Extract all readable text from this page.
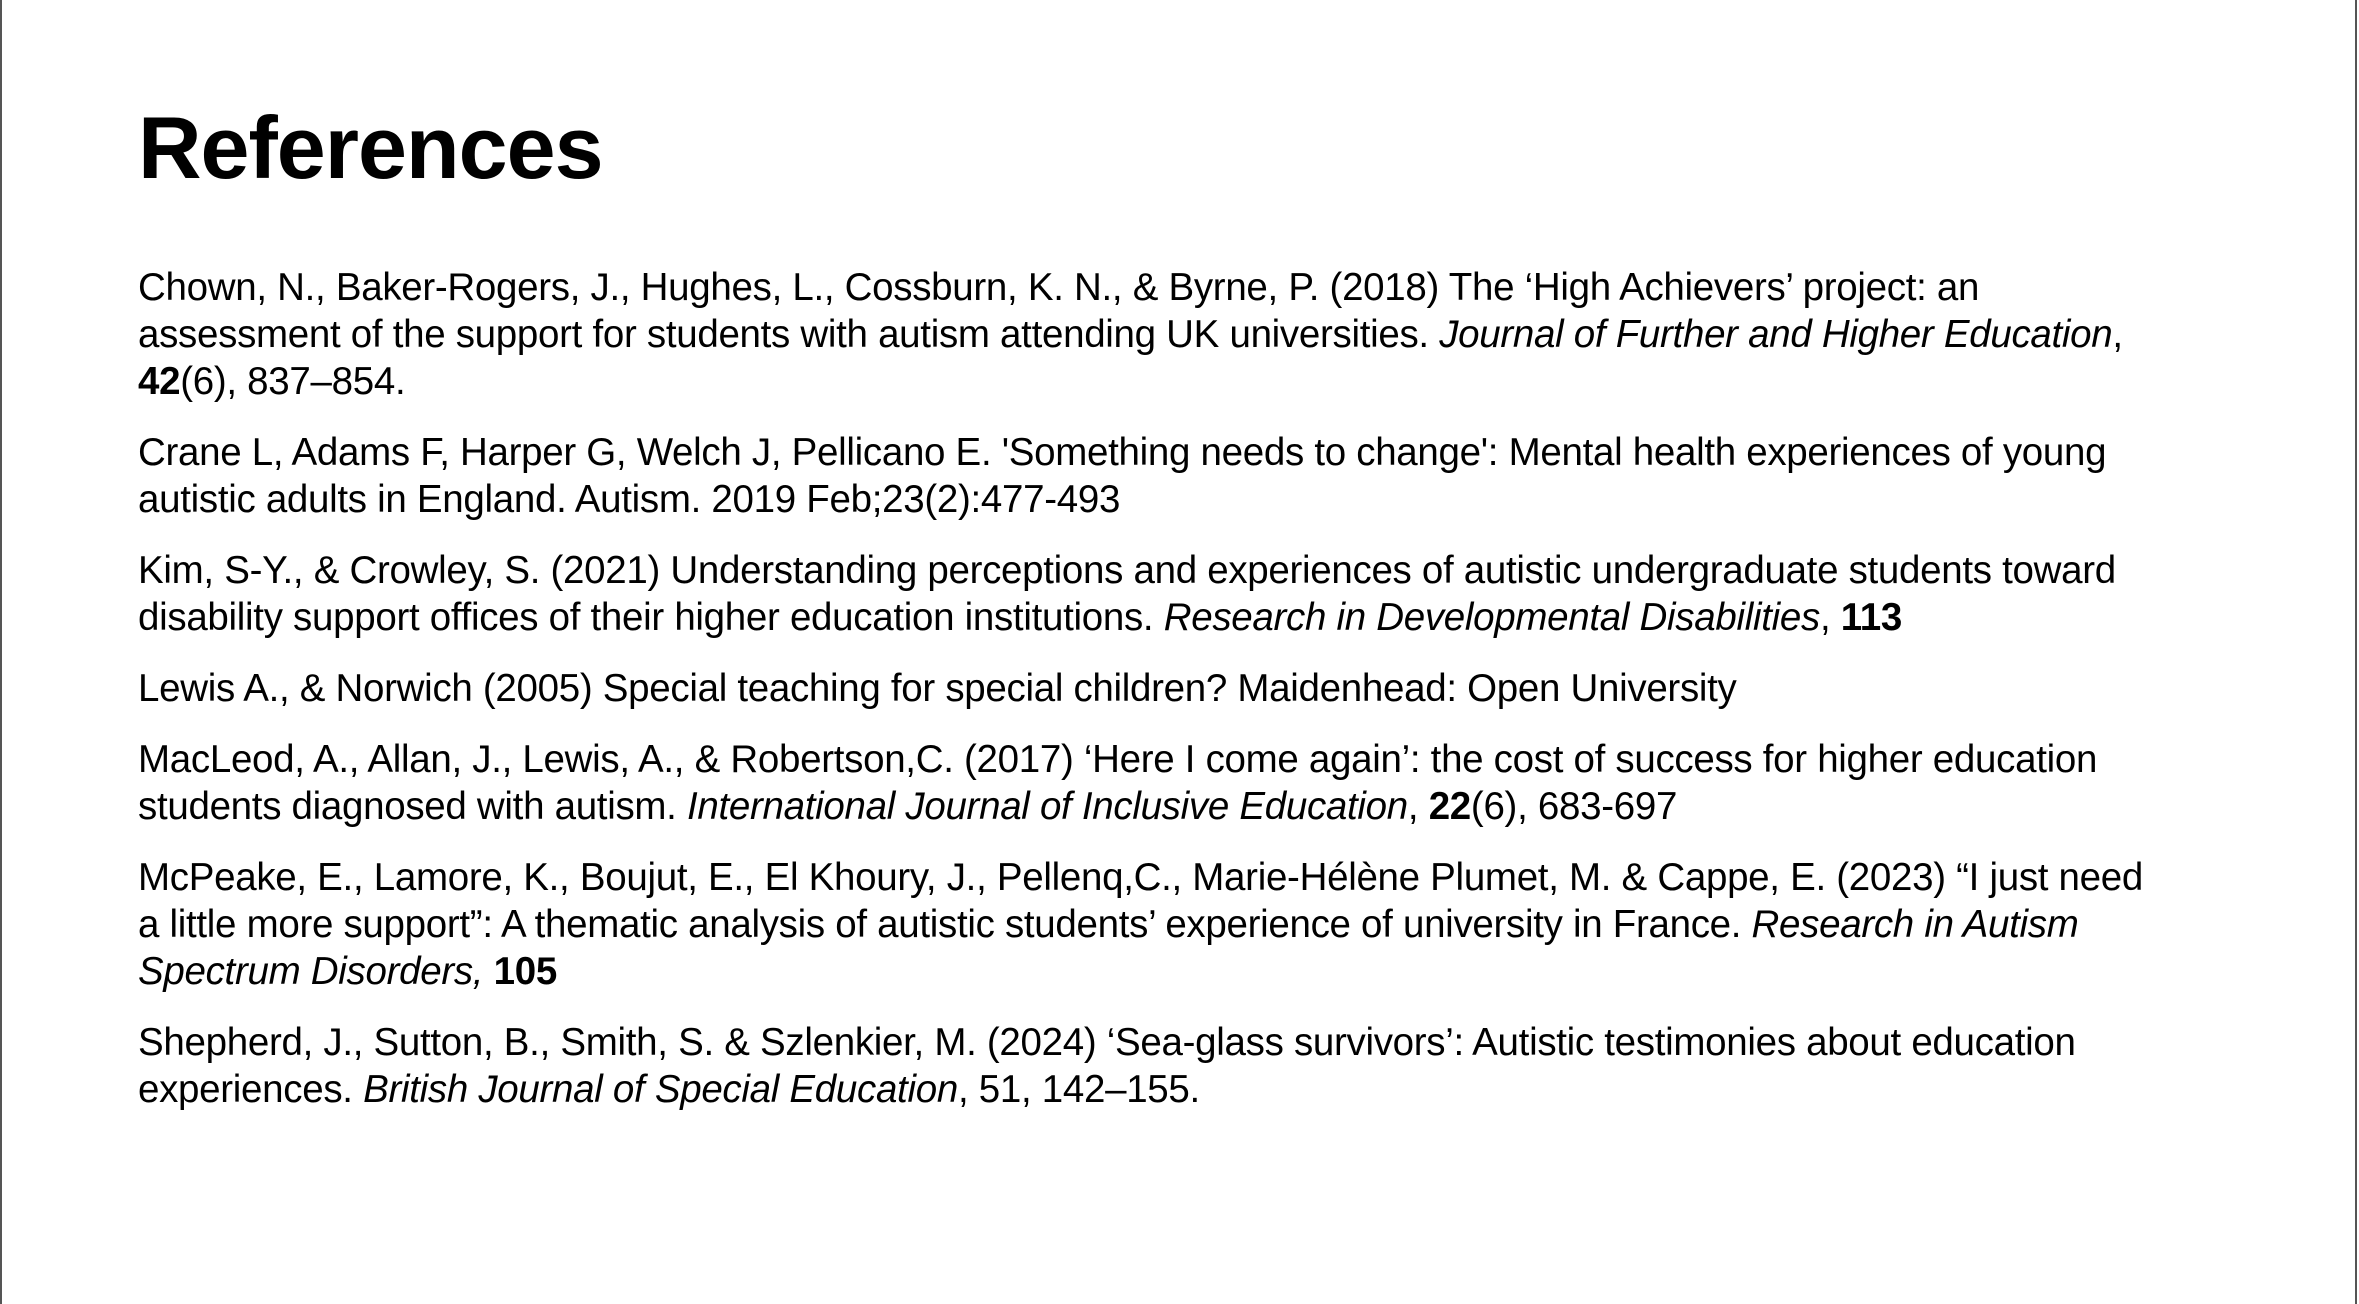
References

Chown, N., Baker-Rogers, J., Hughes, L., Cossburn, K. N., & Byrne, P. (2018) The ‘High Achievers’ project: an assessment of the support for students with autism attending UK universities. Journal of Further and Higher Education, 42(6), 837–854.

Crane L, Adams F, Harper G, Welch J, Pellicano E. 'Something needs to change': Mental health experiences of young autistic adults in England. Autism. 2019 Feb;23(2):477-493

Kim, S-Y., & Crowley, S. (2021) Understanding perceptions and experiences of autistic undergraduate students toward disability support offices of their higher education institutions. Research in Developmental Disabilities, 113

Lewis A., & Norwich (2005) Special teaching for special children? Maidenhead: Open University

MacLeod, A., Allan, J., Lewis, A., & Robertson,C. (2017) ‘Here I come again’: the cost of success for higher education students diagnosed with autism. International Journal of Inclusive Education, 22(6), 683-697

McPeake, E., Lamore, K., Boujut, E., El Khoury, J., Pellenq,C., Marie-Hélène Plumet, M. & Cappe, E. (2023) “I just need a little more support”: A thematic analysis of autistic students’ experience of university in France. Research in Autism Spectrum Disorders, 105

Shepherd, J., Sutton, B., Smith, S. & Szlenkier, M. (2024) ‘Sea-glass survivors’: Autistic testimonies about education experiences. British Journal of Special Education, 51, 142–155.
